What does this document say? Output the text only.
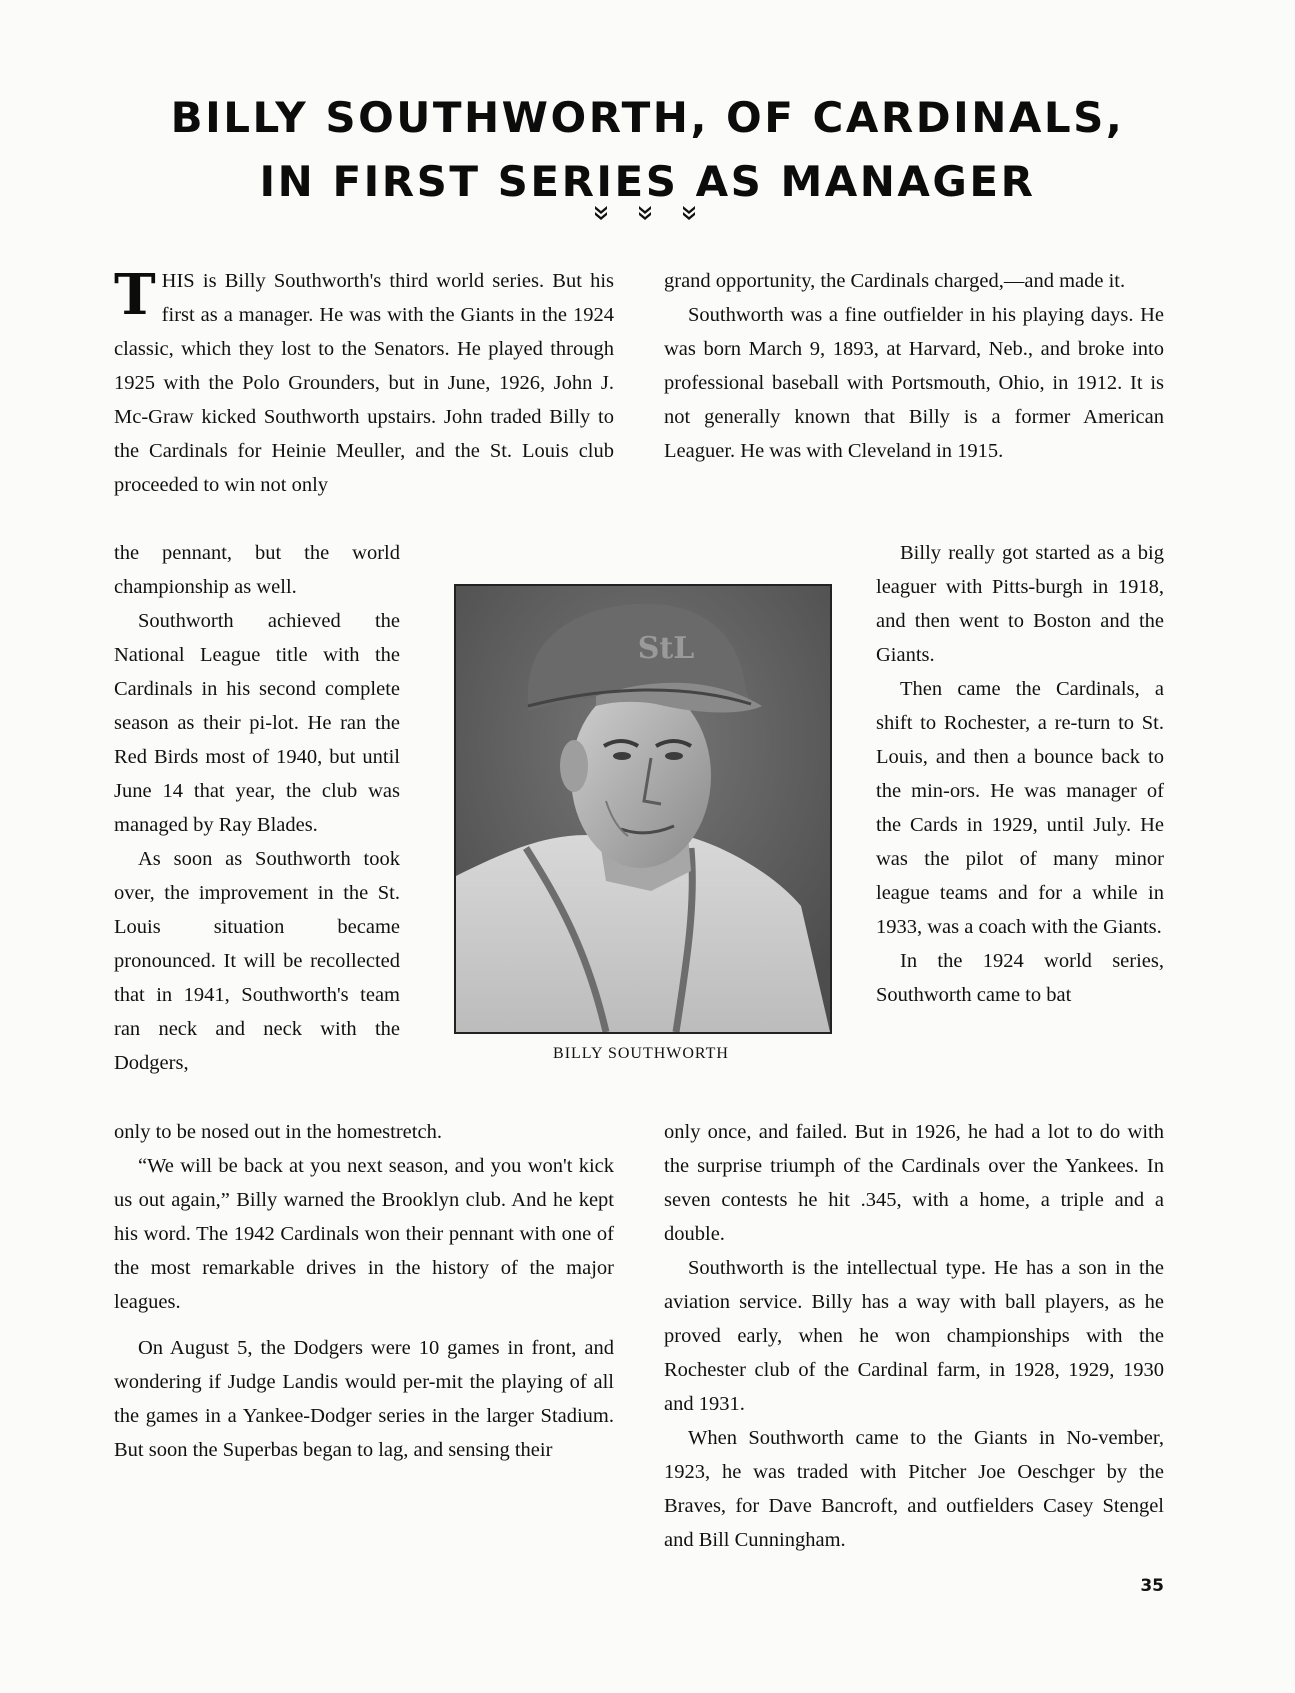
BILLY SOUTHWORTH, OF CARDINALS,
IN FIRST SERIES AS MANAGER

THIS is Billy Southworth's third world series. But his first as a manager. He was with the Giants in the 1924 classic, which they lost to the Senators. He played through 1925 with the Polo Grounders, but in June, 1926, John J. Mc-Graw kicked Southworth upstairs. John traded Billy to the Cardinals for Heinie Meuller, and the St. Louis club proceeded to win not only

the pennant, but the world championship as well.

Southworth achieved the National League title with the Cardinals in his second complete season as their pi-lot. He ran the Red Birds most of 1940, but until June 14 that year, the club was managed by Ray Blades.

As soon as Southworth took over, the improvement in the St. Louis situation became pronounced. It will be recollected that in 1941, Southworth's team ran neck and neck with the Dodgers,

only to be nosed out in the homestretch.

“We will be back at you next season, and you won't kick us out again,” Billy warned the Brooklyn club. And he kept his word. The 1942 Cardinals won their pennant with one of the most remarkable drives in the history of the major leagues.

On August 5, the Dodgers were 10 games in front, and wondering if Judge Landis would per-mit the playing of all the games in a Yankee-Dodger series in the larger Stadium. But soon the Superbas began to lag, and sensing their

grand opportunity, the Cardinals charged,—and made it.

Southworth was a fine outfielder in his playing days. He was born March 9, 1893, at Harvard, Neb., and broke into professional baseball with Portsmouth, Ohio, in 1912. It is not generally known that Billy is a former American Leaguer. He was with Cleveland in 1915.

Billy really got started as a big leaguer with Pitts-burgh in 1918, and then went to Boston and the Giants.

Then came the Cardinals, a shift to Rochester, a re-turn to St. Louis, and then a bounce back to the min-ors. He was manager of the Cards in 1929, until July. He was the pilot of many minor league teams and for a while in 1933, was a coach with the Giants.

In the 1924 world series, Southworth came to bat

only once, and failed. But in 1926, he had a lot to do with the surprise triumph of the Cardinals over the Yankees. In seven contests he hit .345, with a home, a triple and a double.

Southworth is the intellectual type. He has a son in the aviation service. Billy has a way with ball players, as he proved early, when he won championships with the Rochester club of the Cardinal farm, in 1928, 1929, 1930 and 1931.

When Southworth came to the Giants in No-vember, 1923, he was traded with Pitcher Joe Oeschger by the Braves, for Dave Bancroft, and outfielders Casey Stengel and Bill Cunningham.

StL
BILLY SOUTHWORTH
35
